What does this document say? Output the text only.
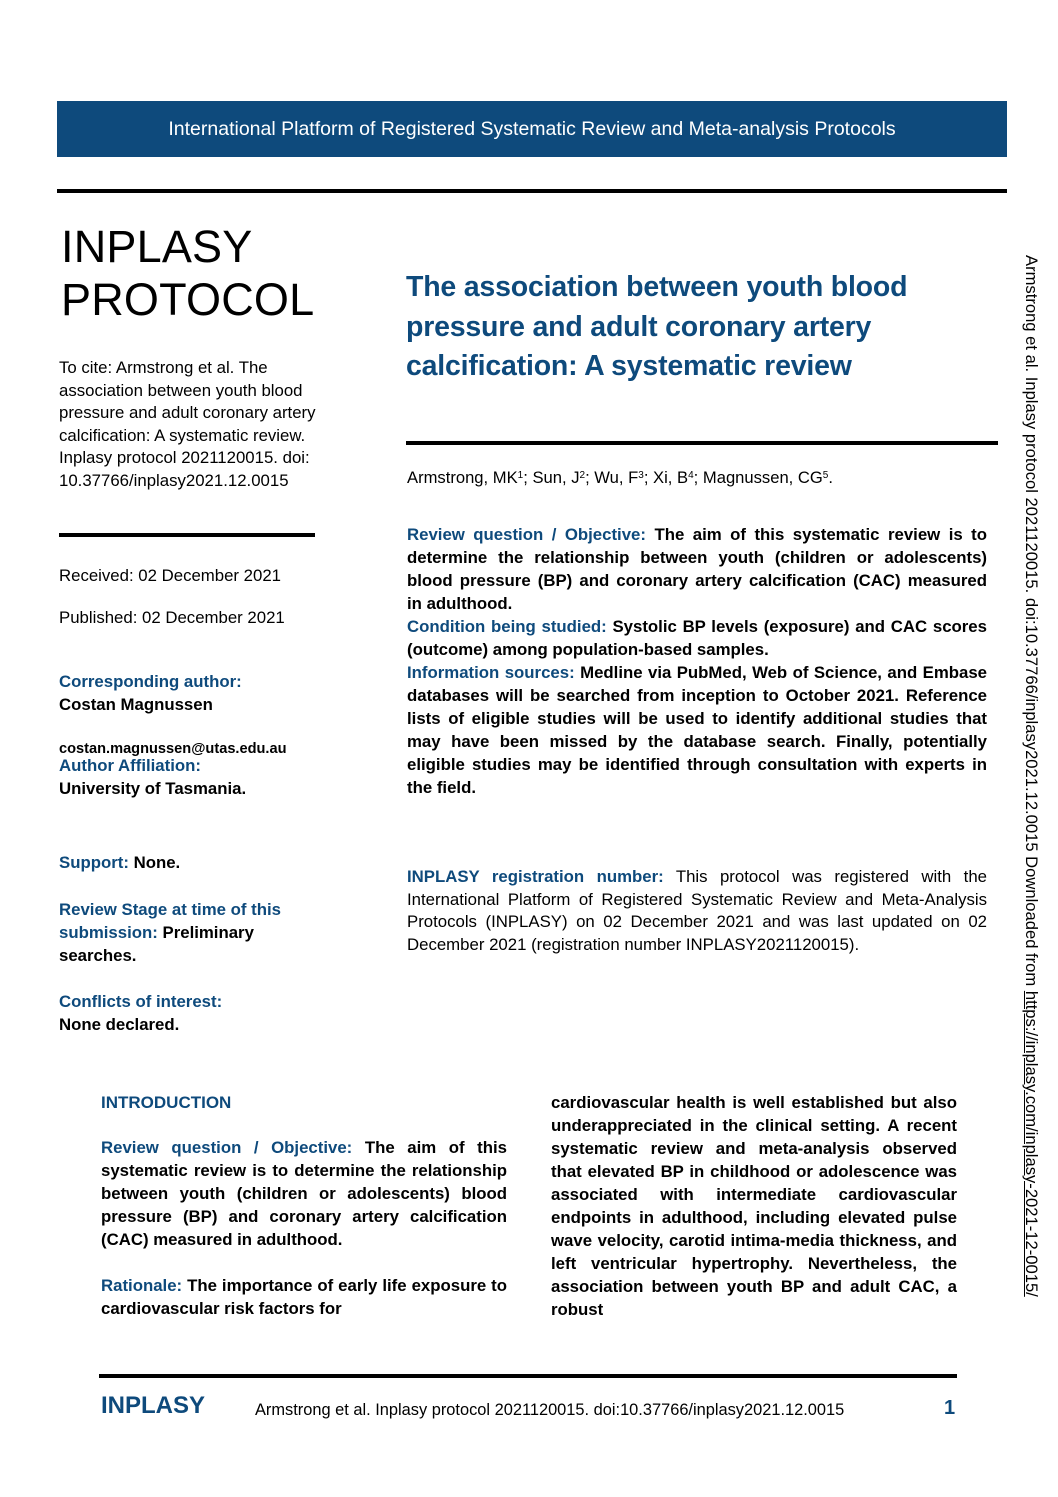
International Platform of Registered Systematic Review and Meta-analysis Protocols
INPLASY
PROTOCOL
To cite: Armstrong et al. The association between youth blood pressure and adult coronary artery calcification: A systematic review. Inplasy protocol 2021120015. doi: 10.37766/inplasy2021.12.0015
Received: 02 December 2021
Published: 02 December 2021
Corresponding author:
Costan Magnussen
costan.magnussen@utas.edu.au
Author Affiliation:
University of Tasmania.
Support: None.
Review Stage at time of this submission: Preliminary searches.
Conflicts of interest:
None declared.
The association between youth blood pressure and adult coronary artery calcification: A systematic review
Armstrong, $MK^1$; Sun, $J^2$; Wu, $F^3$; Xi, $B^4$; Magnussen, $CG^5$.

Review question / Objective: The aim of this systematic review is to determine the relationship between youth (children or adolescents) blood pressure (BP) and coronary artery calcification (CAC) measured in adulthood.

Condition being studied: Systolic BP levels (exposure) and CAC scores (outcome) among population-based samples.

Information sources: Medline via PubMed, Web of Science, and Embase databases will be searched from inception to October 2021. Reference lists of eligible studies will be used to identify additional studies that may have been missed by the database search. Finally, potentially eligible studies may be identified through consultation with experts in the field.

INPLASY registration number: This protocol was registered with the International Platform of Registered Systematic Review and Meta-Analysis Protocols (INPLASY) on 02 December 2021 and was last updated on 02 December 2021 (registration number INPLASY2021120015).
INTRODUCTION

Review question / Objective: The aim of this systematic review is to determine the relationship between youth (children or adolescents) blood pressure (BP) and coronary artery calcification (CAC) measured in adulthood.

Rationale: The importance of early life exposure to cardiovascular risk factors for

cardiovascular health is well established but also underappreciated in the clinical setting. A recent systematic review and meta-analysis observed that elevated BP in childhood or adolescence was associated with intermediate cardiovascular endpoints in adulthood, including elevated pulse wave velocity, carotid intima-media thickness, and left ventricular hypertrophy. Nevertheless, the association between youth BP and adult CAC, a robust

INPLASY	Armstrong et al. Inplasy protocol 2021120015. doi:10.37766/inplasy2021.12.0015	1
Armstrong et al. Inplasy protocol 2021120015. doi:10.37766/inplasy2021.12.0015 Downloaded from https://inplasy.com/inplasy-2021-12-0015/
